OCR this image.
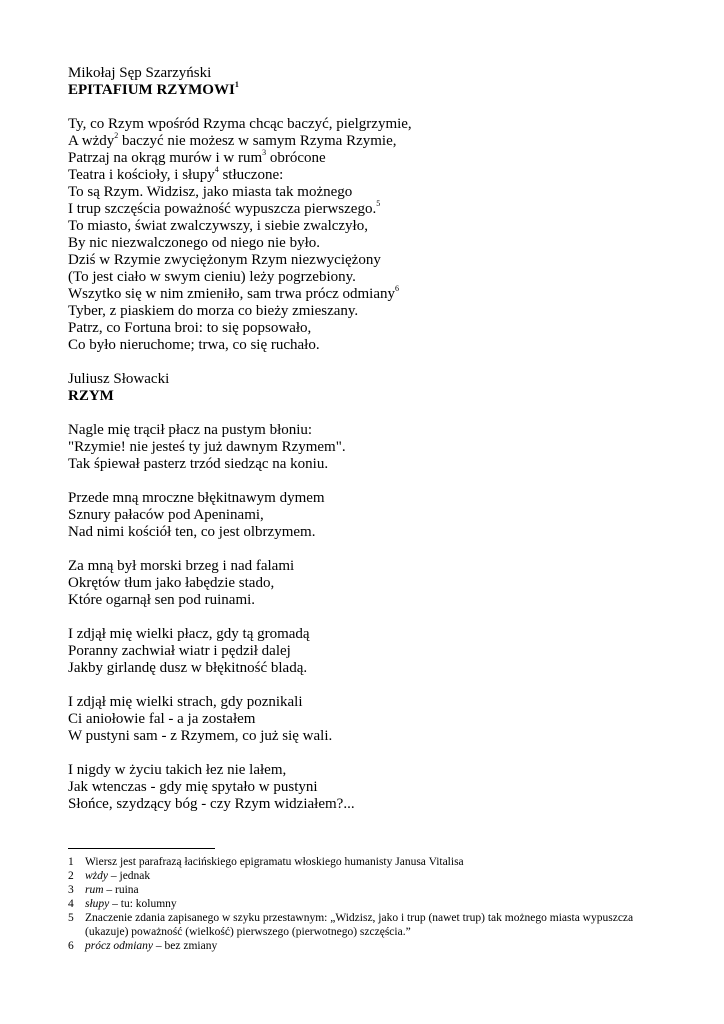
Mikołaj Sęp Szarzyński
EPITAFIUM RZYMOWI$^1$
Ty, co Rzym wpośród Rzyma chcąc baczyć, pielgrzymie,
A wżdy$^2$ baczyć nie możesz w samym Rzyma Rzymie,
Patrzaj na okrąg murów i w rum$^3$ obrócone
Teatra i kościoły, i słupy$^4$ stłuczone:
To są Rzym. Widzisz, jako miasta tak możnego
I trup szczęścia poważność wypuszcza pierwszego.$^5$
To miasto, świat zwalczywszy, i siebie zwalczyło,
By nic niezwalczonego od niego nie było.
Dziś w Rzymie zwyciężonym Rzym niezwyciężony
(To jest ciało w swym cieniu) leży pogrzebiony.
Wszytko się w nim zmieniło, sam trwa prócz odmiany$^6$
Tyber, z piaskiem do morza co bieży zmieszany.
Patrz, co Fortuna broi: to się popsowało,
Co było nieruchome; trwa, co się ruchało.
Juliusz Słowacki
RZYM
Nagle mię trącił płacz na pustym błoniu:
"Rzymie! nie jesteś ty już dawnym Rzymem".
Tak śpiewał pasterz trzód siedząc na koniu.
Przede mną mroczne błękitnawym dymem
Sznury pałaców pod Apeninami,
Nad nimi kościół ten, co jest olbrzymem.
Za mną był morski brzeg i nad falami
Okrętów tłum jako łabędzie stado,
Które ogarnął sen pod ruinami.
I zdjął mię wielki płacz, gdy tą gromadą
Poranny zachwiał wiatr i pędził dalej
Jakby girlandę dusz w błękitność bladą.
I zdjął mię wielki strach, gdy poznikali
Ci aniołowie fal - a ja zostałem
W pustyni sam - z Rzymem, co już się wali.
I nigdy w życiu takich łez nie lałem,
Jak wtenczas - gdy mię spytało w pustyni
Słońce, szydzący bóg - czy Rzym widziałem?...
1 Wiersz jest parafrazą łacińskiego epigramatu włoskiego humanisty Janusa Vitalisa
2 wżdy – jednak
3 rum – ruina
4 słupy – tu: kolumny
5 Znaczenie zdania zapisanego w szyku przestawnym: „Widzisz, jako i trup (nawet trup) tak możnego miasta wypuszcza (ukazuje) poważność (wielkość) pierwszego (pierwotnego) szczęścia.”
6 prócz odmiany – bez zmiany
